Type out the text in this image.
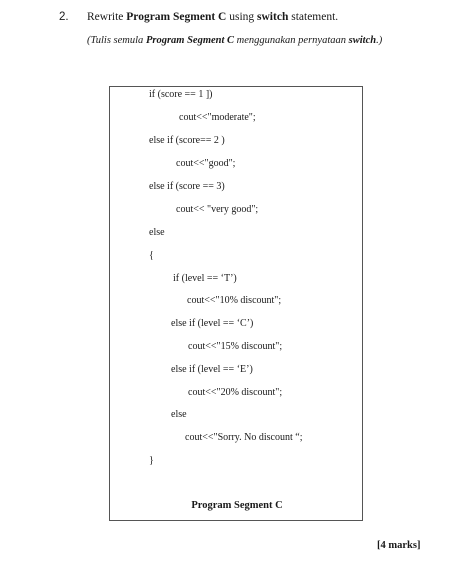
2. Rewrite Program Segment C using switch statement.
(Tulis semula Program Segment C menggunakan pernyataan switch.)
if (score == 1 ])
cout<<"moderate";
else if (score== 2 )
cout<<"good";
else if (score == 3)
cout<< "very good";
else
{
if (level == ‘T’)
cout<<"10% discount";
else if (level == ‘C’)
cout<<"15% discount";
else if (level == ‘E’)
cout<<"20% discount";
else
cout<<"Sorry. No discount “;
}
Program Segment C
[4 marks]
